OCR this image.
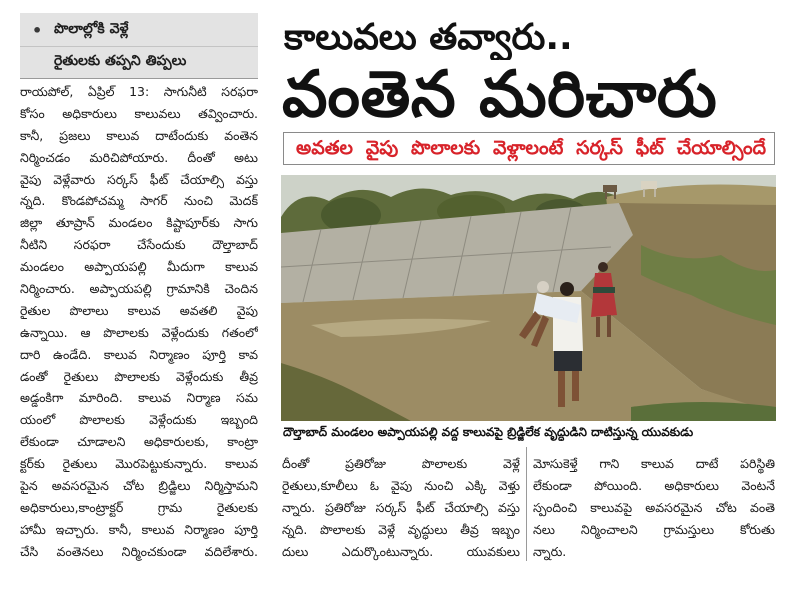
• పొలాల్లోకి వెళ్లే
రైతులకు తప్పని తిప్పలు
కాలువలు తవ్వారు..
వంతెన మరిచారు
అవతల వైపు పొలాలకు వెళ్లాలంటే సర్కస్ ఫీట్ చేయాల్సిందే
దౌల్తాబాద్ మండలం అప్పాయపల్లి వద్ద కాలువపై బ్రిడ్జిలేక వృద్ధుడిని దాటిస్తున్న యువకుడు
రాయపోల్, ఏప్రిల్ 13: సాగునీటి సరఫరా
కోసం అధికారులు కాలువలు తవ్వించారు.
కానీ, ప్రజలు కాలువ దాటేందుకు వంతెన
నిర్మించడం మరిచిపోయారు. దీంతో అటు
వైపు వెళ్లేవారు సర్కస్ ఫీట్ చేయాల్సి వస్తు
న్నది. కొండపోచమ్మ సాగర్ నుంచి మెదక్
జిల్లా తూప్రాన్ మండలం కిష్టాపూర్‌కు సాగు
నీటిని సరఫరా చేసేందుకు దౌల్తాబాద్
మండలం అప్పాయపల్లి మీదుగా కాలువ
నిర్మించారు. అప్పాయపల్లి గ్రామానికి చెందిన
రైతుల పొలాలు కాలువ అవతలి వైపు
ఉన్నాయి. ఆ పొలాలకు వెళ్లేందుకు గతంలో
దారి ఉండేది. కాలువ నిర్మాణం పూర్తి కావ
డంతో రైతులు పొలాలకు వెళ్లేందుకు తీవ్ర
అడ్డంకిగా మారింది. కాలువ నిర్మాణ సమ
యంలో పొలాలకు వెళ్లేందుకు ఇబ్బంది
లేకుండా చూడాలని అధికారులకు, కాంట్రా
క్టర్‌కు రైతులు మొరపెట్టుకున్నారు. కాలువ
పైన అవసరమైన చోట బ్రిడ్జిలు నిర్మిస్తామని
అధికారులు,కాంట్రాక్టర్ గ్రామ రైతులకు
హామీ ఇచ్చారు. కానీ, కాలువ నిర్మాణం పూర్తి
చేసి వంతెనలు నిర్మించకుండా వదిలేశారు.
దీంతో ప్రతిరోజు పొలాలకు వెళ్లే
రైతులు,కూలీలు ఓ వైపు నుంచి ఎక్కి వెళ్తు
న్నారు. ప్రతిరోజు సర్కస్ ఫీట్ చేయాల్సి వస్తు
న్నది. పొలాలకు వెళ్లే వృద్ధులు తీవ్ర ఇబ్బం
దులు ఎదుర్కొంటున్నారు. యువకులు
మోసుకెళ్తే గాని కాలువ దాటే పరిస్థితి
లేకుండా పోయింది. అధికారులు వెంటనే
స్పందించి కాలువపై అవసరమైన చోట వంతె
నలు నిర్మించాలని గ్రామస్తులు కోరుతు
న్నారు.
